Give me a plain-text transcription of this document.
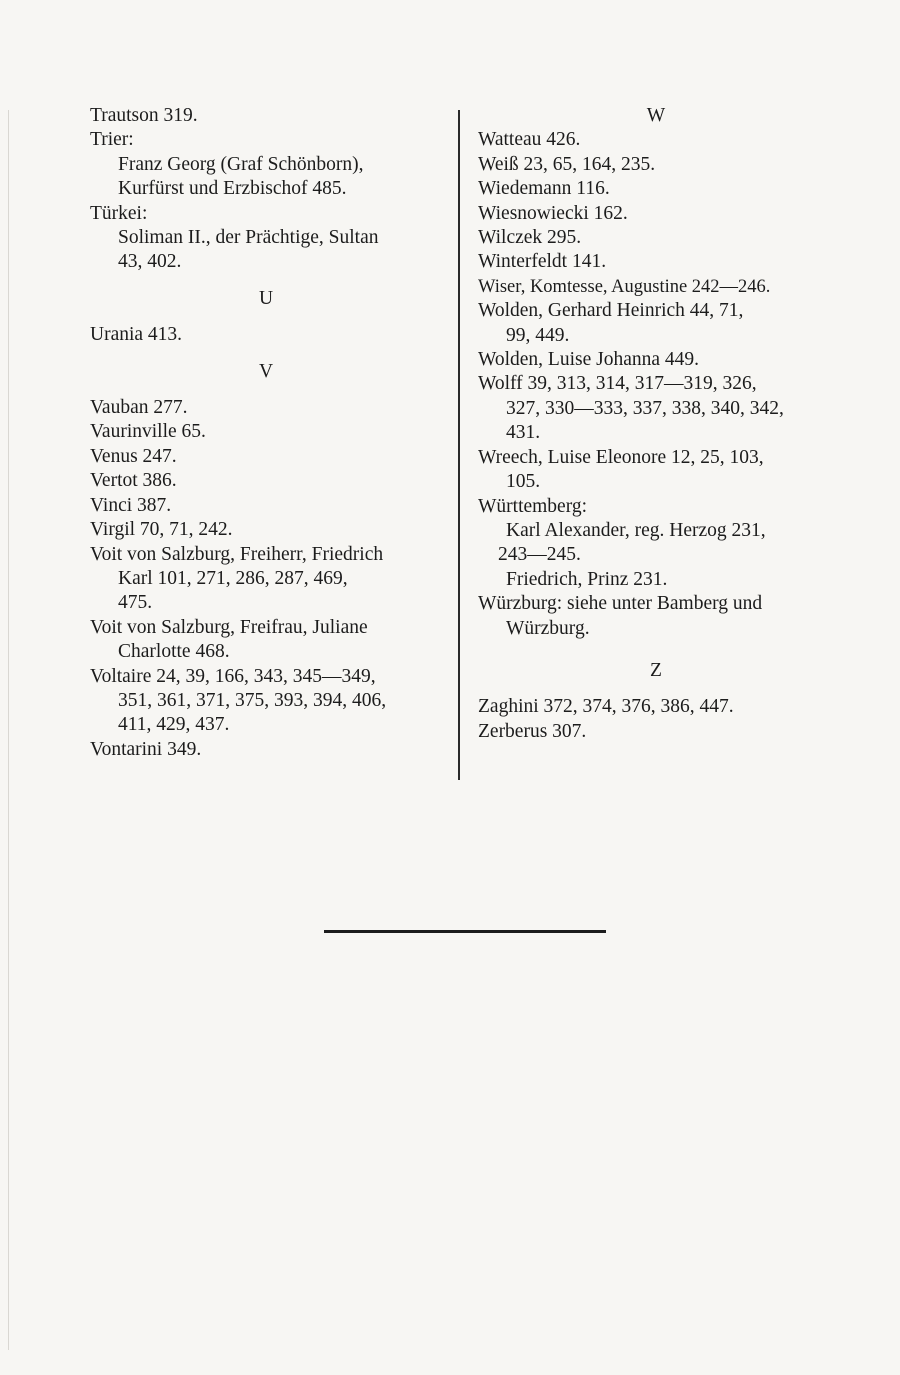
Trautson 319.

Trier:

Franz Georg (Graf Schönborn),

Kurfürst und Erzbischof 485.

Türkei:

Soliman II., der Prächtige, Sultan

43, 402.

U

Urania 413.

V

Vauban 277.

Vaurinville 65.

Venus 247.

Vertot 386.

Vinci 387.

Virgil 70, 71, 242.

Voit von Salzburg, Freiherr, Friedrich

Karl 101, 271, 286, 287, 469,

475.

Voit von Salzburg, Freifrau, Juliane

Charlotte 468.

Voltaire 24, 39, 166, 343, 345—349,

351, 361, 371, 375, 393, 394, 406,

411, 429, 437.

Vontarini 349.

W

Watteau 426.

Weiß 23, 65, 164, 235.

Wiedemann 116.

Wiesnowiecki 162.

Wilczek 295.

Winterfeldt 141.

Wiser, Komtesse, Augustine 242—246.

Wolden, Gerhard Heinrich 44, 71,

99, 449.

Wolden, Luise Johanna 449.

Wolff 39, 313, 314, 317—319, 326,

327, 330—333, 337, 338, 340, 342,

431.

Wreech, Luise Eleonore 12, 25, 103,

105.

Württemberg:

Karl Alexander, reg. Herzog 231,

243—245.

Friedrich, Prinz 231.

Würzburg: siehe unter Bamberg und

Würzburg.

Z

Zaghini 372, 374, 376, 386, 447.

Zerberus 307.
